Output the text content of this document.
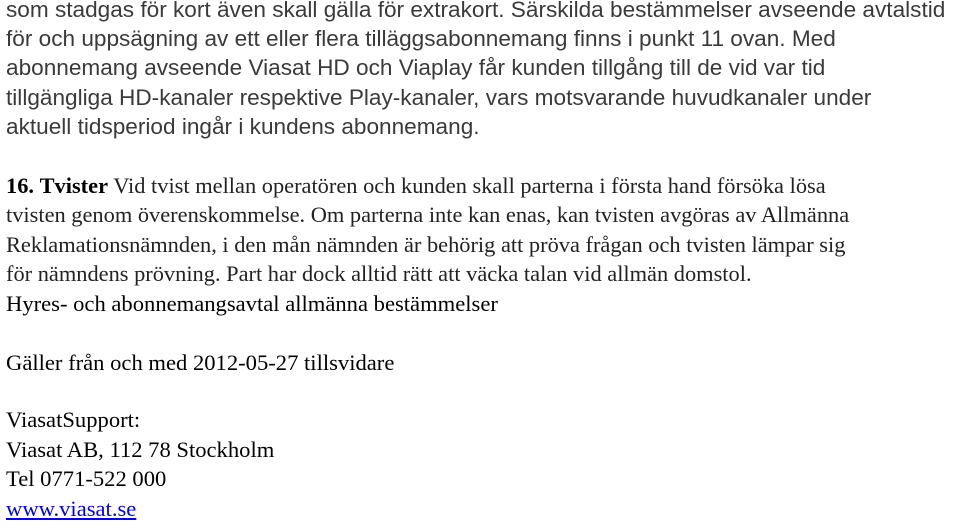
som stadgas för kort även skall gälla för extrakort. Särskilda bestämmelser avseende avtalstid
för och uppsägning av ett eller flera tilläggsabonnemang finns i punkt 11 ovan. Med
abonnemang avseende Viasat HD och Viaplay får kunden tillgång till de vid var tid
tillgängliga HD-kanaler respektive Play-kanaler, vars motsvarande huvudkanaler under
aktuell tidsperiod ingår i kundens abonnemang.
16. Tvister Vid tvist mellan operatören och kunden skall parterna i första hand försöka lösa
tvisten genom överenskommelse. Om parterna inte kan enas, kan tvisten avgöras av Allmänna
Reklamationsnämnden, i den mån nämnden är behörig att pröva frågan och tvisten lämpar sig
för nämndens prövning. Part har dock alltid rätt att väcka talan vid allmän domstol.
Hyres- och abonnemangsavtal allmänna bestämmelser
Gäller från och med 2012-05-27 tillsvidare
ViasatSupport:
Viasat AB, 112 78 Stockholm
Tel 0771-522 000
www.viasat.se
